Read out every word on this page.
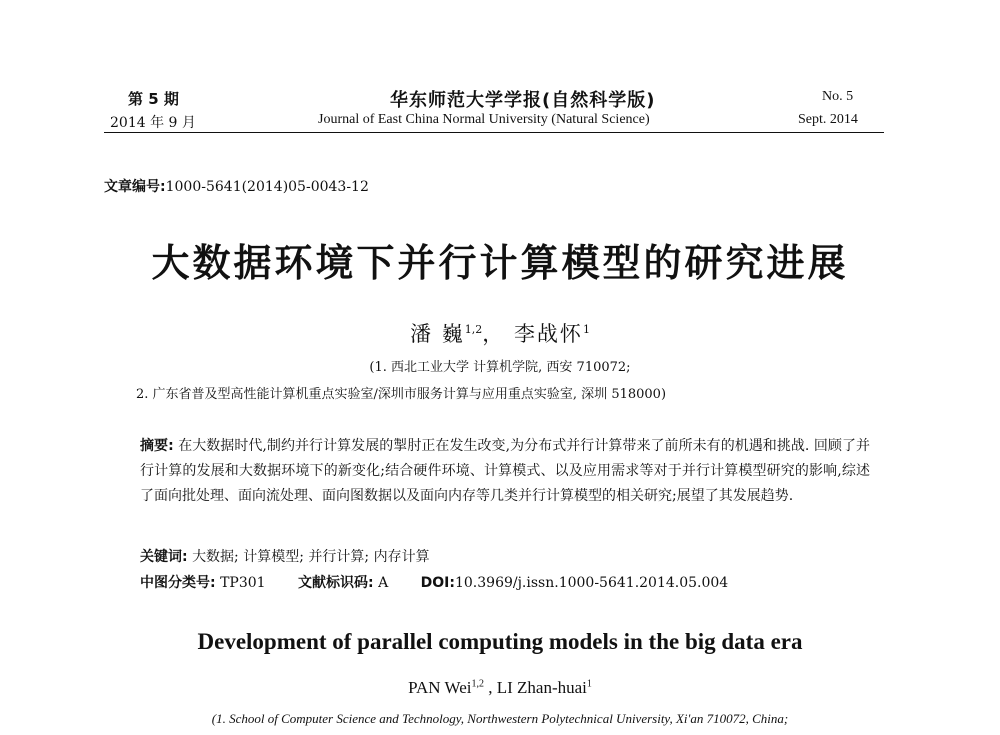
第 5 期
2014 年 9 月
华东师范大学学报(自然科学版)
Journal of East China Normal University (Natural Science)
No. 5
Sept. 2014
文章编号:1000-5641(2014)05-0043-12
大数据环境下并行计算模型的研究进展
潘 巍$^{1,2}$， 李战怀$^1$
(1. 西北工业大学 计算机学院, 西安 710072;
2. 广东省普及型高性能计算机重点实验室/深圳市服务计算与应用重点实验室, 深圳 518000)
摘要: 在大数据时代,制约并行计算发展的掣肘正在发生改变,为分布式并行计算带来了前所未有的机遇和挑战. 回顾了并行计算的发展和大数据环境下的新变化;结合硬件环境、计算模式、以及应用需求等对于并行计算模型研究的影响,综述了面向批处理、面向流处理、面向图数据以及面向内存等几类并行计算模型的相关研究;展望了其发展趋势.
关键词: 大数据; 计算模型; 并行计算; 内存计算
中图分类号: TP301 文献标识码: A DOI:10.3969/j.issn.1000-5641.2014.05.004
Development of parallel computing models in the big data era
PAN Wei$^{1,2}$ , LI Zhan-huai$^1$
(1. School of Computer Science and Technology, Northwestern Polytechnical University, Xi'an 710072, China;
